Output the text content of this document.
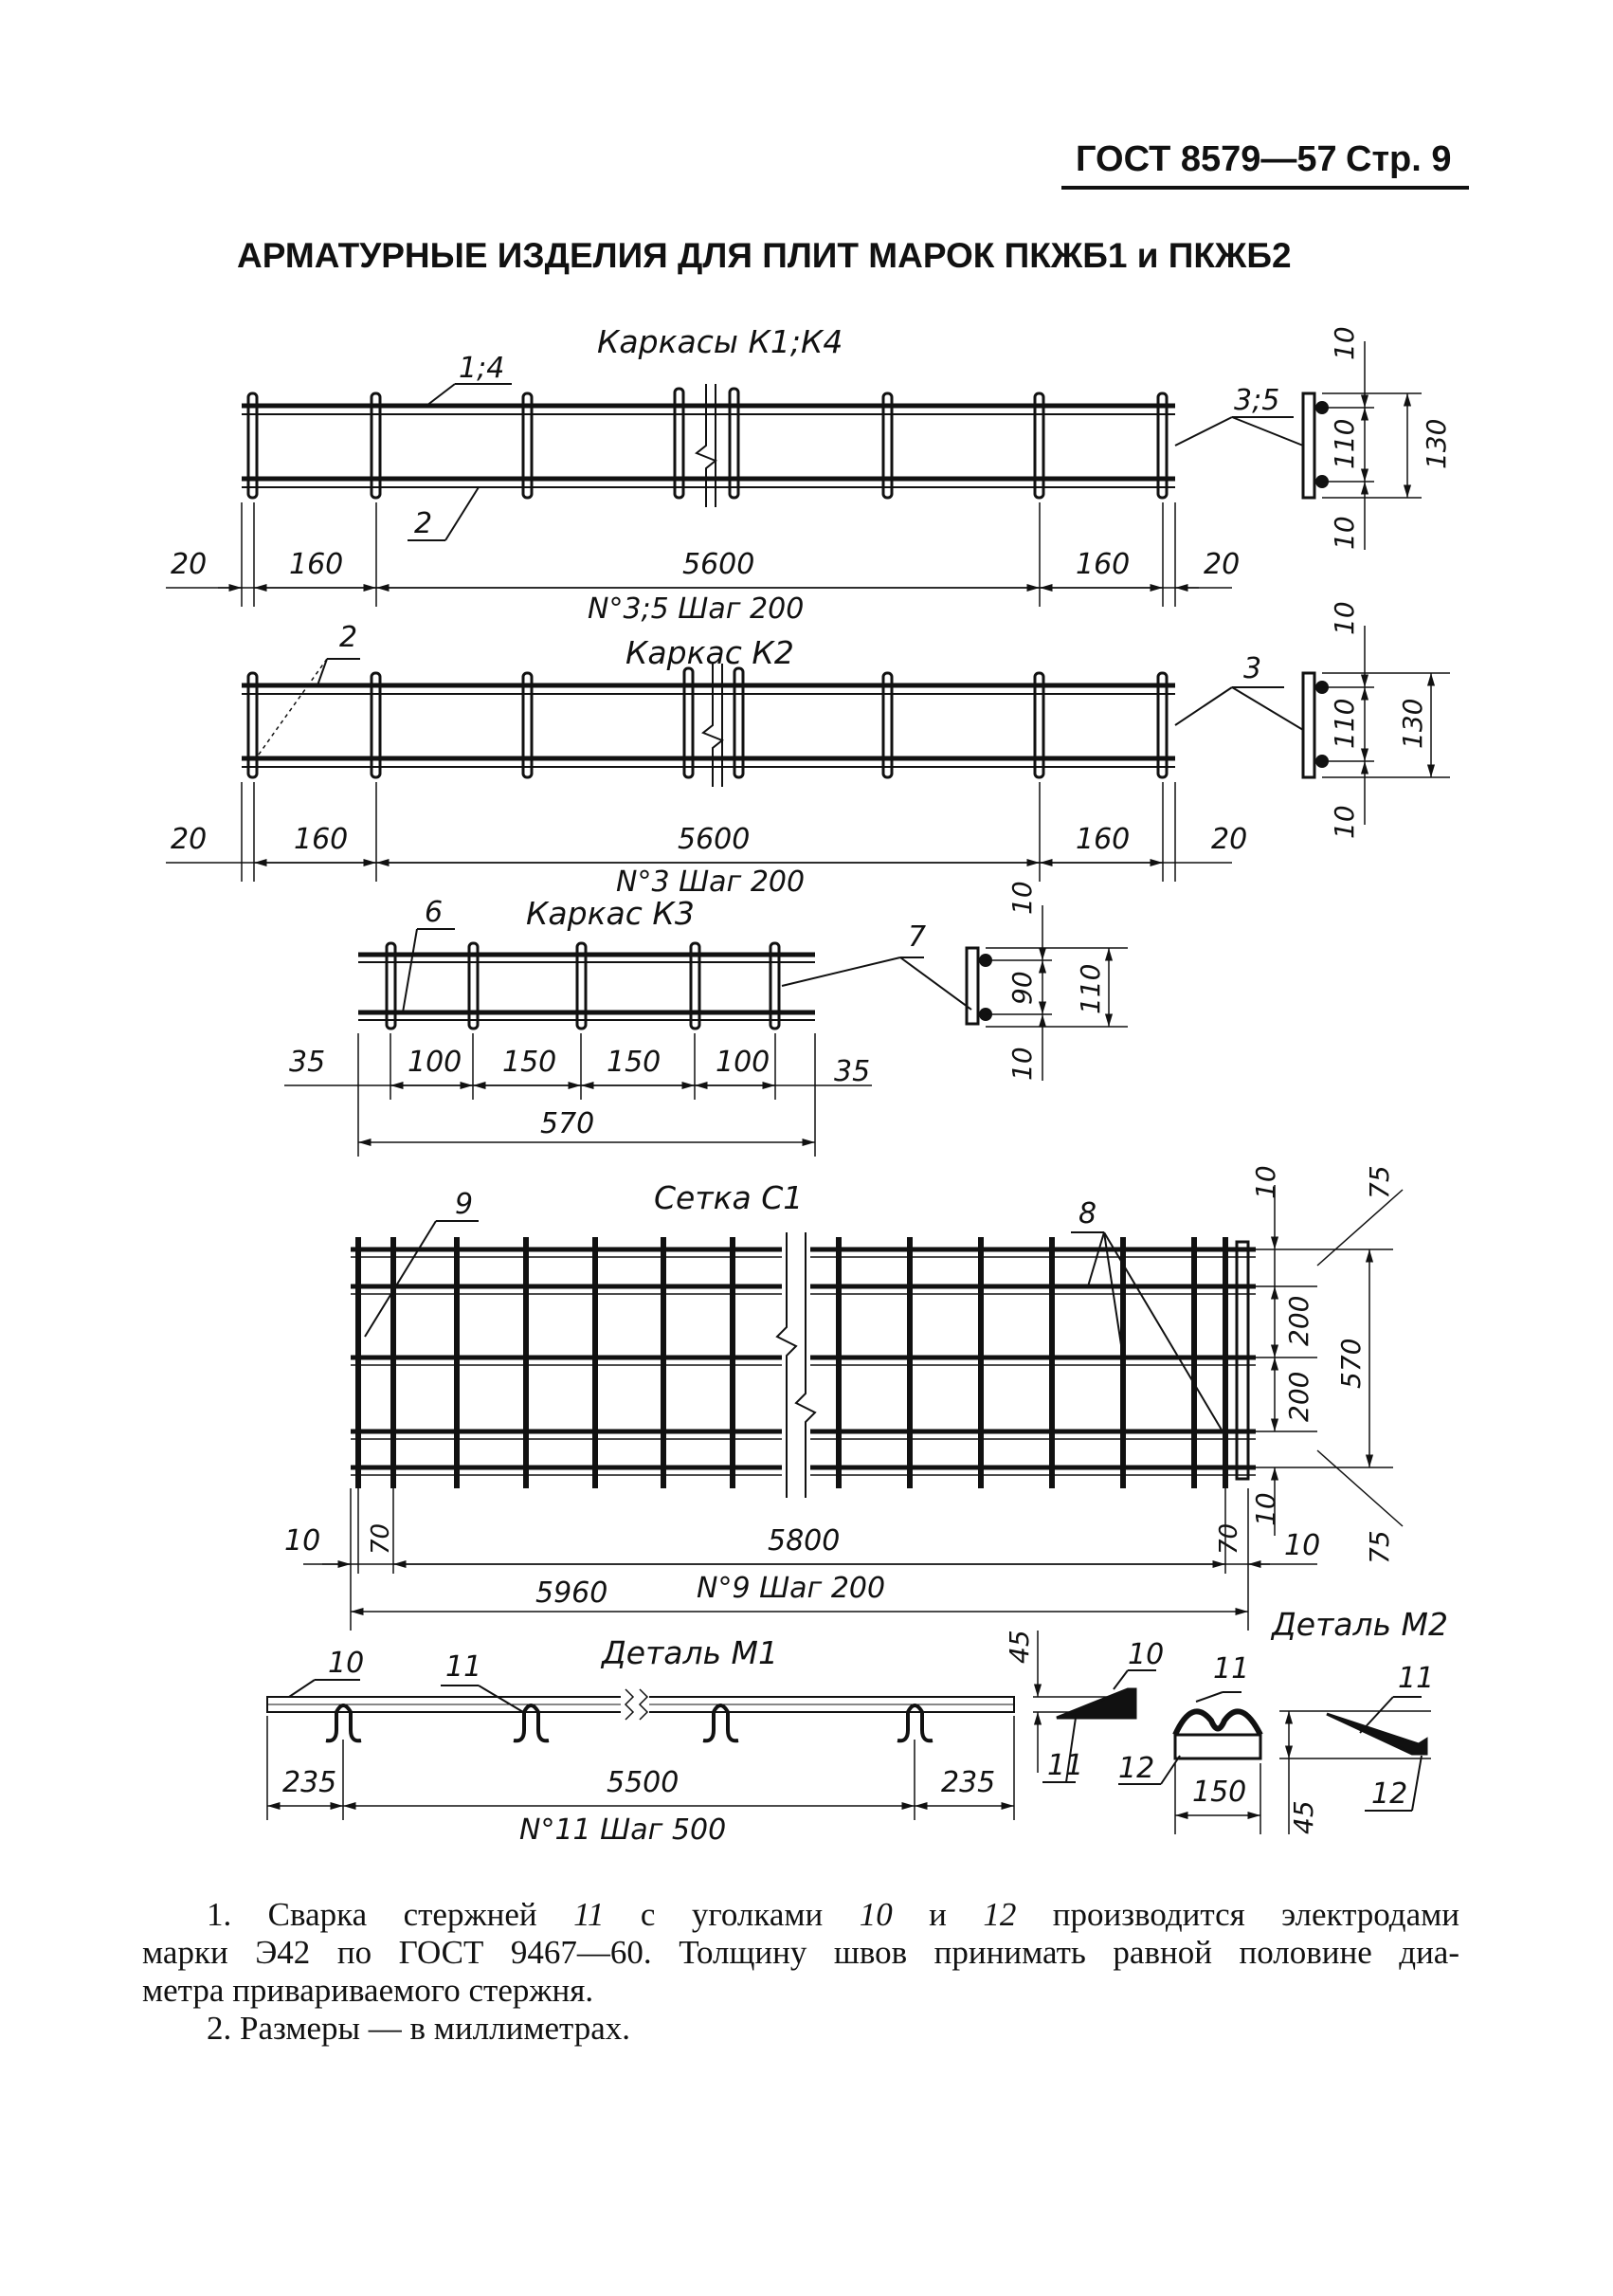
ГОСТ 8579—57 Стр. 9
АРМАТУРНЫЕ ИЗДЕЛИЯ ДЛЯ ПЛИТ МАРОК ПКЖБ1 и ПКЖБ2
Каркасы К1;К4
1;4
2
3;5
20	160	5600	160	20
N°3;5 Шаг 200
10
110 130
10
Каркас К2
2
3
20	160	5600	160	20
N°3 Шаг 200
10
110 130
10
Каркас К3
6
7
35	100 150 150 100 35
570
10
90 110
10
Сетка С1
9	8
10	75
200
200
570
10
75
10 70	5800	70 10
5960	N°9 Шаг 200
Деталь М1
10	11
235	5500	235
N°11 Шаг 500
45	10
11
Деталь М2
11
12
150
45
11
12
1. Сварка стержней 11 с уголками 10 и 12 производится электродами
марки Э42 по ГОСТ 9467—60. Толщину швов принимать равной половине диа-
метра привариваемого стержня.
2. Размеры — в миллиметрах.
